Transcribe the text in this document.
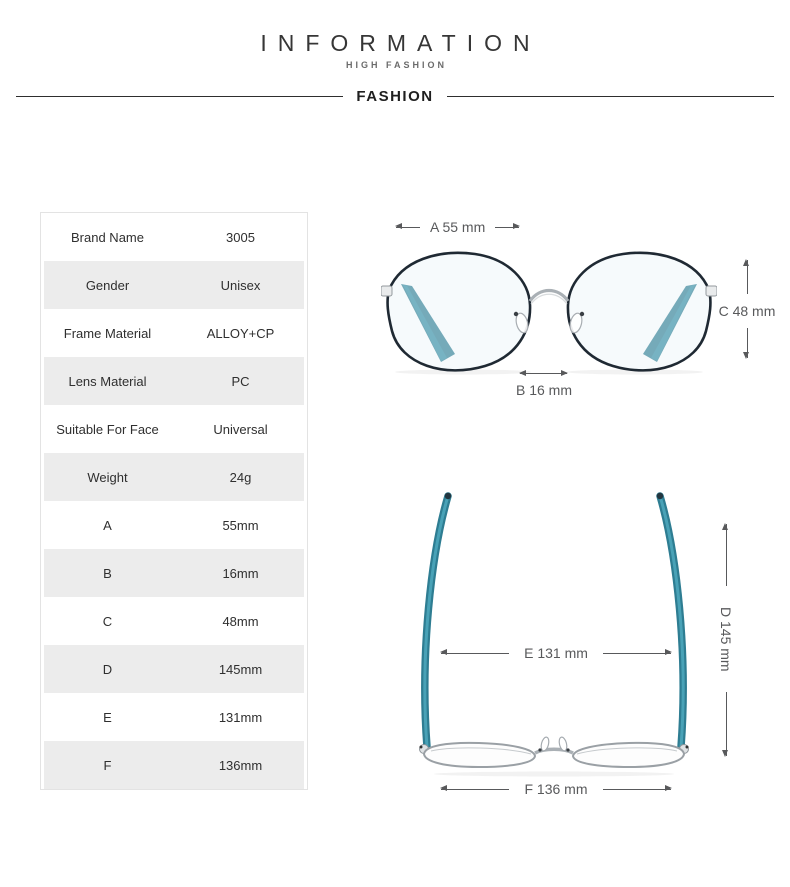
INFORMATION
HIGH FASHION
FASHION
Brand Name	3005
Gender	Unisex
Frame Material	ALLOY+CP
Lens Material	PC
Suitable For Face	Universal
Weight	24g
A	55mm
B	16mm
C	48mm
D	145mm
E	131mm
F	136mm
A 55 mm
C 48 mm
B 16 mm
E 131 mm	D 145 mm
F 136 mm
